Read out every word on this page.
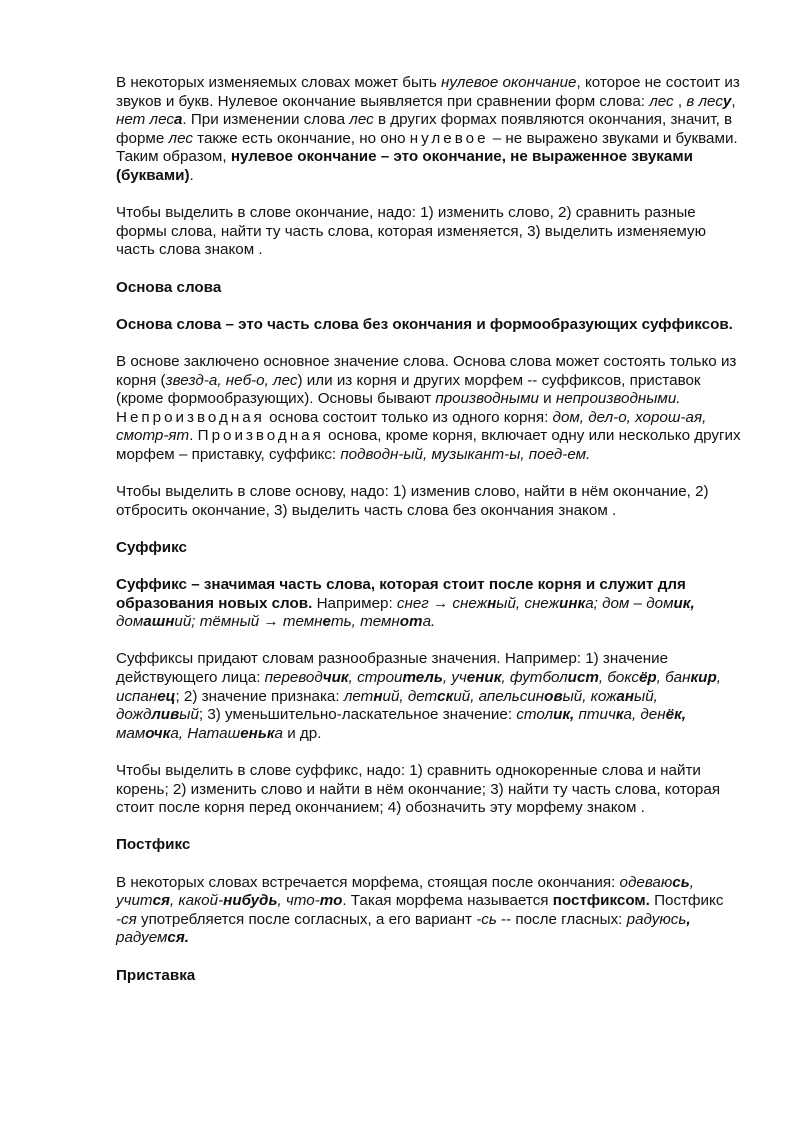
В некоторых изменяемых словах может быть нулевое окончание, которое не состоит из звуков и букв. Нулевое окончание выявляется при сравнении форм слова: лес , в лесу, нет леса. При изменении слова лес в других формах появляются окончания, значит, в форме лес также есть окончание, но оно нулевое – не выражено звуками и буквами. Таким образом, нулевое окончание – это окончание, не выраженное звуками (буквами).

Чтобы выделить в слове окончание, надо: 1) изменить слово, 2) сравнить разные формы слова, найти ту часть слова, которая изменяется, 3) выделить изменяемую часть слова знаком .

Основа слова

Основа слова – это часть слова без окончания и формообразующих суффиксов.

В основе заключено основное значение слова. Основа слова может состоять только из корня (звезд-а, неб-о, лес) или из корня и других морфем -- суффиксов, приставок (кроме формообразующих). Основы бывают производными и непроизводными. Непроизводная основа состоит только из одного корня: дом, дел-о, хорош-ая, смотр-ят. Производная основа, кроме корня, включает одну или несколько других морфем – приставку, суффикс: подводн-ый, музыкант-ы, поед-ем.

Чтобы выделить в слове основу, надо: 1) изменив слово, найти в нём окончание, 2) отбросить окончание, 3) выделить часть слова без окончания знаком .

Суффикс

Суффикс – значимая часть слова, которая стоит после корня и служит для образования новых слов. Например: снег → снежный, снежинка; дом – домик, домашний; тёмный → темнеть, темнота.

Суффиксы придают словам разнообразные значения. Например: 1) значение действующего лица: переводчик, строитель, ученик, футболист, боксёр, банкир, испанец; 2) значение признака: летний, детский, апельсиновый, кожаный, дождливый; 3) уменьшительно-ласкательное значение: столик, птичка, денёк, мамочка, Наташенька и др.

Чтобы выделить в слове суффикс, надо: 1) сравнить однокоренные слова и найти корень; 2) изменить слово и найти в нём окончание; 3) найти ту часть слова, которая стоит после корня перед окончанием; 4) обозначить эту морфему знаком .

Постфикс

В некоторых словах встречается морфема, стоящая после окончания: одеваюсь, учится, какой-нибудь, что-то. Такая морфема называется постфиксом. Постфикс -ся употребляется после согласных, а его вариант -сь -- после гласных: радуюсь, радуемся.

Приставка
